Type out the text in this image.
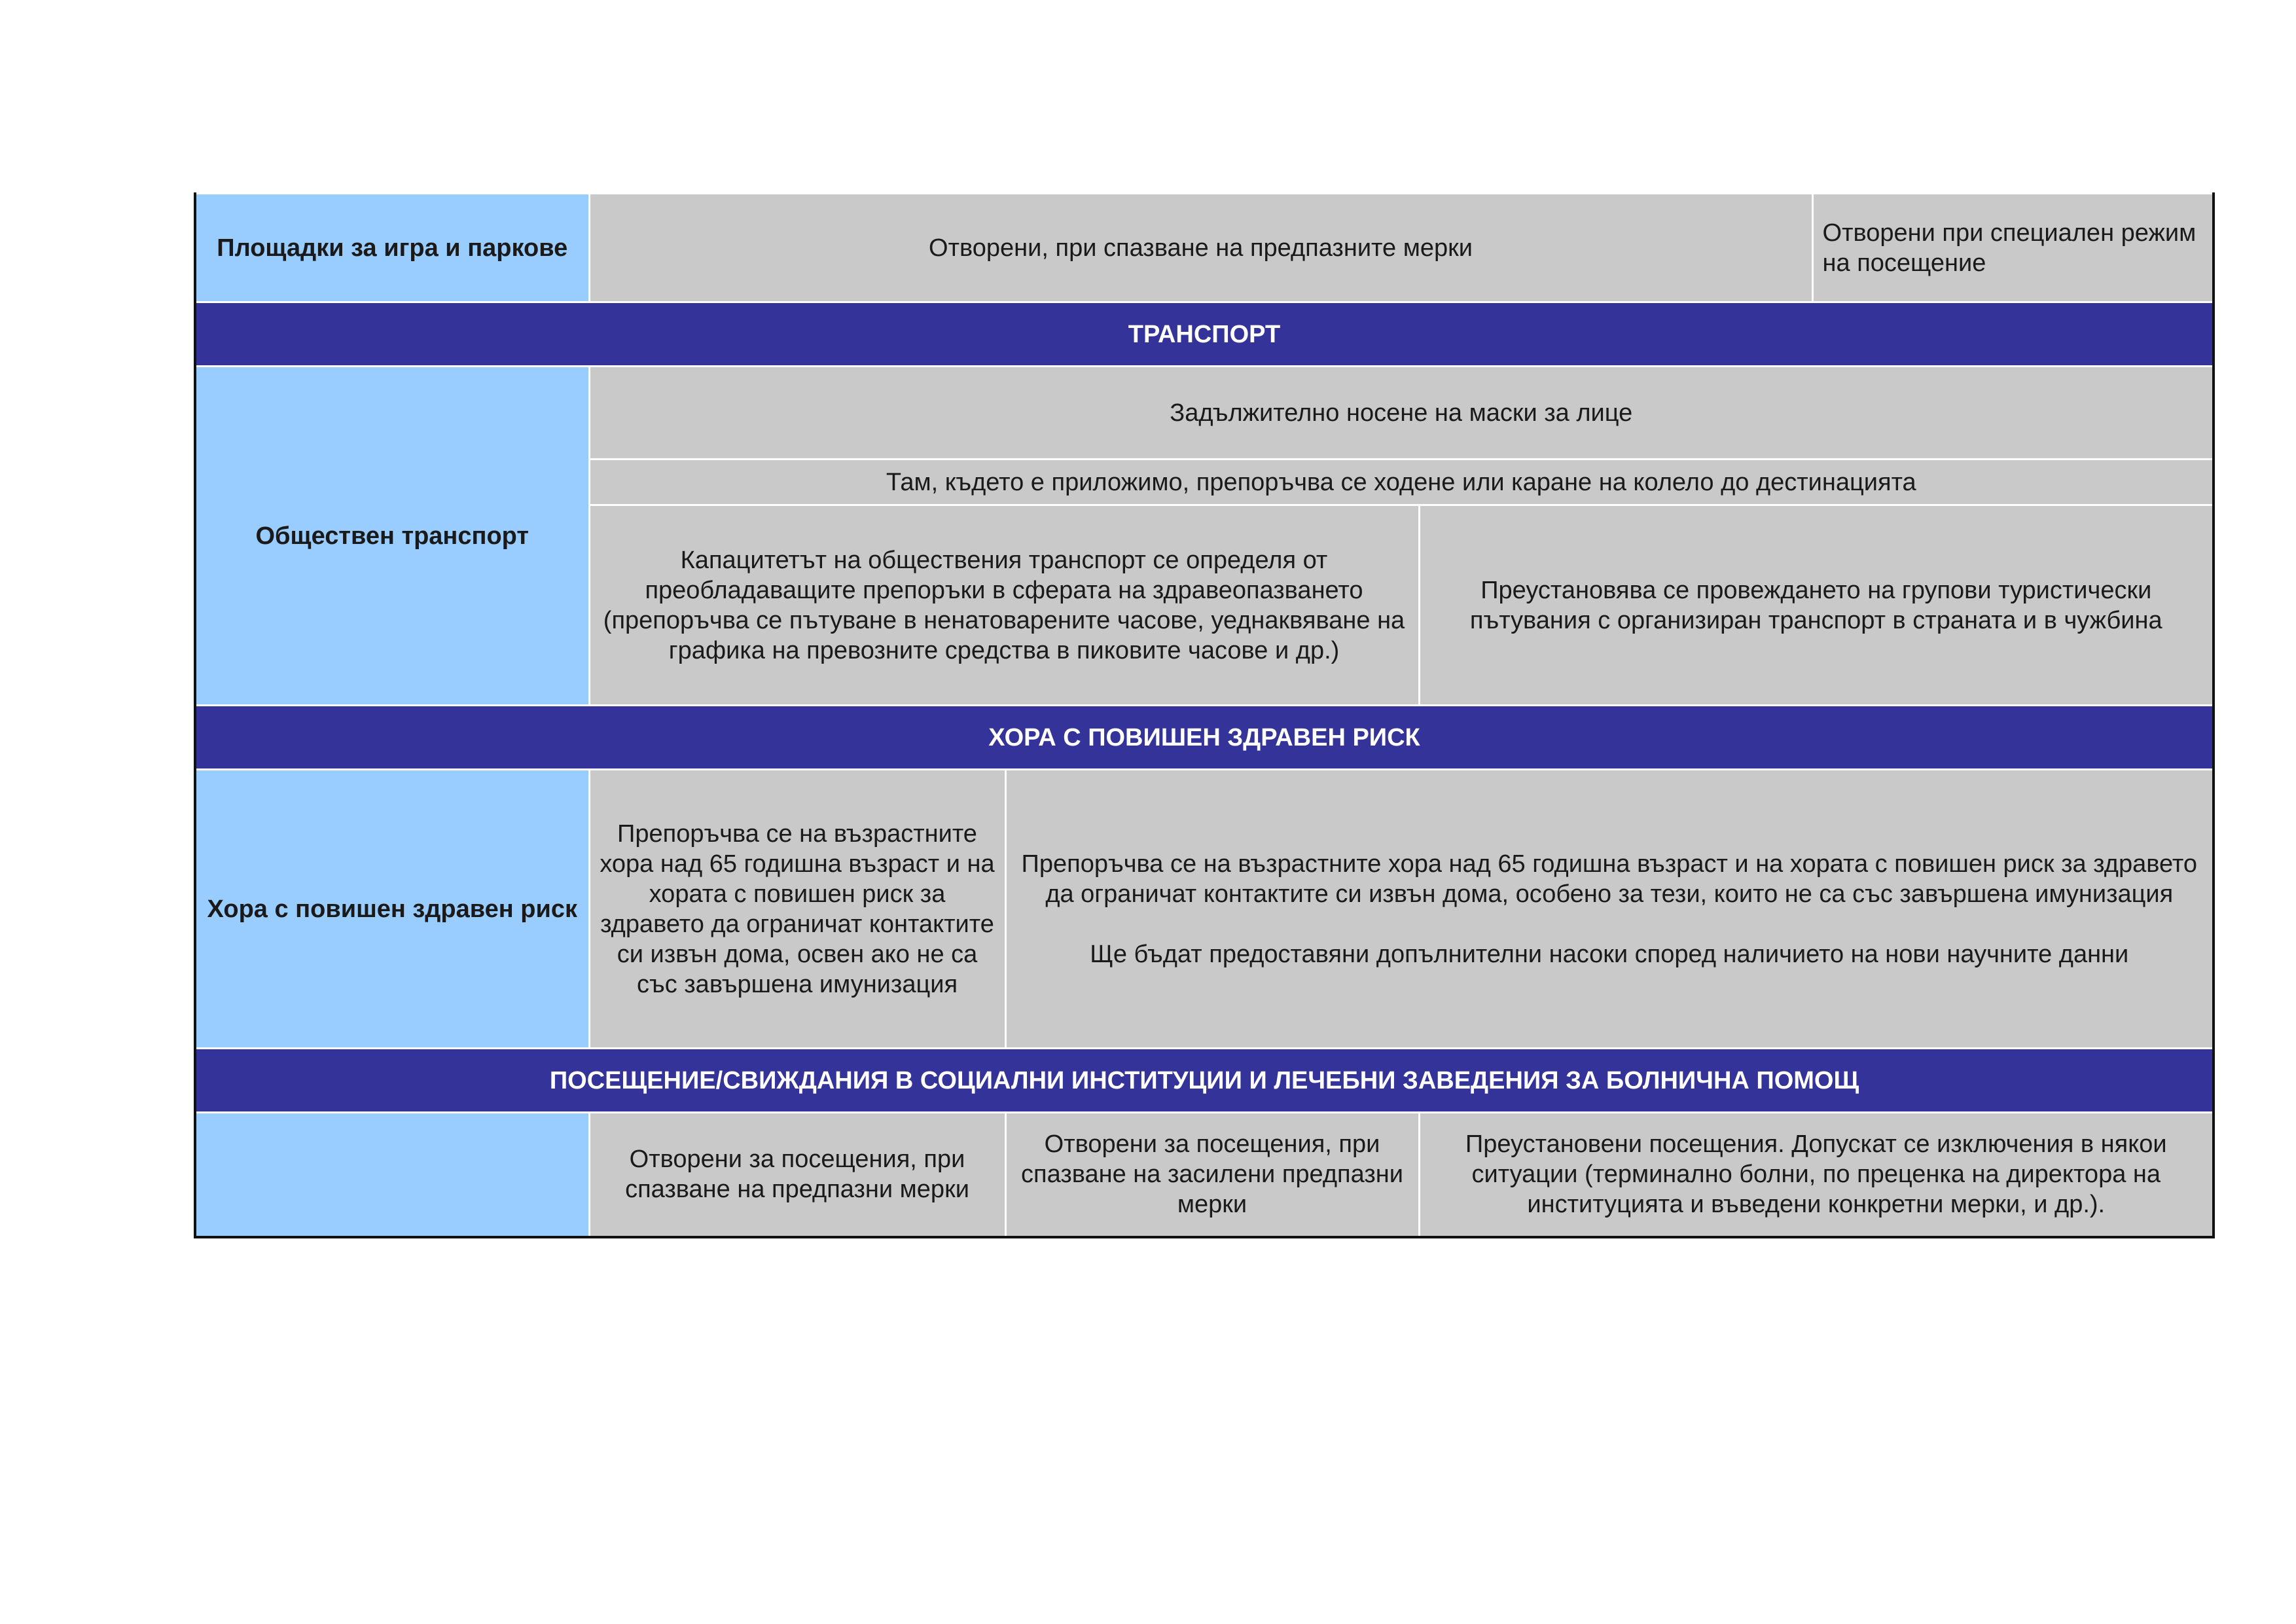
Площадки за игра и паркове	Отворени, при спазване на предпазните мерки			Отворени при специален режим на посещение
ТРАНСПОРТ				
Обществен транспорт	Задължително носене на маски за лице			
	Там, където е приложимо, препоръчва се ходене или каране на колело до дестинацията			
	Капацитетът на обществения транспорт се определя от преобладаващите препоръки в сферата на здравеопазването (препоръчва се пътуване в ненатоварените часове, уеднаквяване на графика на превозните средства в пиковите часове и др.)		Преустановява се провеждането на групови туристически пътувания с организиран транспорт в страната и в чужбина	
ХОРА С ПОВИШЕН ЗДРАВЕН РИСК				
Хора с повишен здравен риск	Препоръчва се на възрастните хора над 65 годишна възраст и на хората с повишен риск за здравето да ограничат контактите си извън дома, освен ако не са със завършена имунизация	Препоръчва се на възрастните хора над 65 годишна възраст и на хората с повишен риск за здравето да ограничат контактите си извън дома, особено за тези, които не са със завършена имунизация
Ще бъдат предоставяни допълнителни насоки според наличието на нови научните данни		
ПОСЕЩЕНИЕ/СВИЖДАНИЯ В СОЦИАЛНИ ИНСТИТУЦИИ И ЛЕЧЕБНИ ЗАВЕДЕНИЯ ЗА БОЛНИЧНА ПОМОЩ				
	Отворени за посещения, при спазване на предпазни мерки	Отворени за посещения, при спазване на засилени предпазни мерки	Преустановени посещения. Допускат се изключения в някои ситуации (терминално болни, по преценка на директора на институцията и въведени конкретни мерки, и др.).	
